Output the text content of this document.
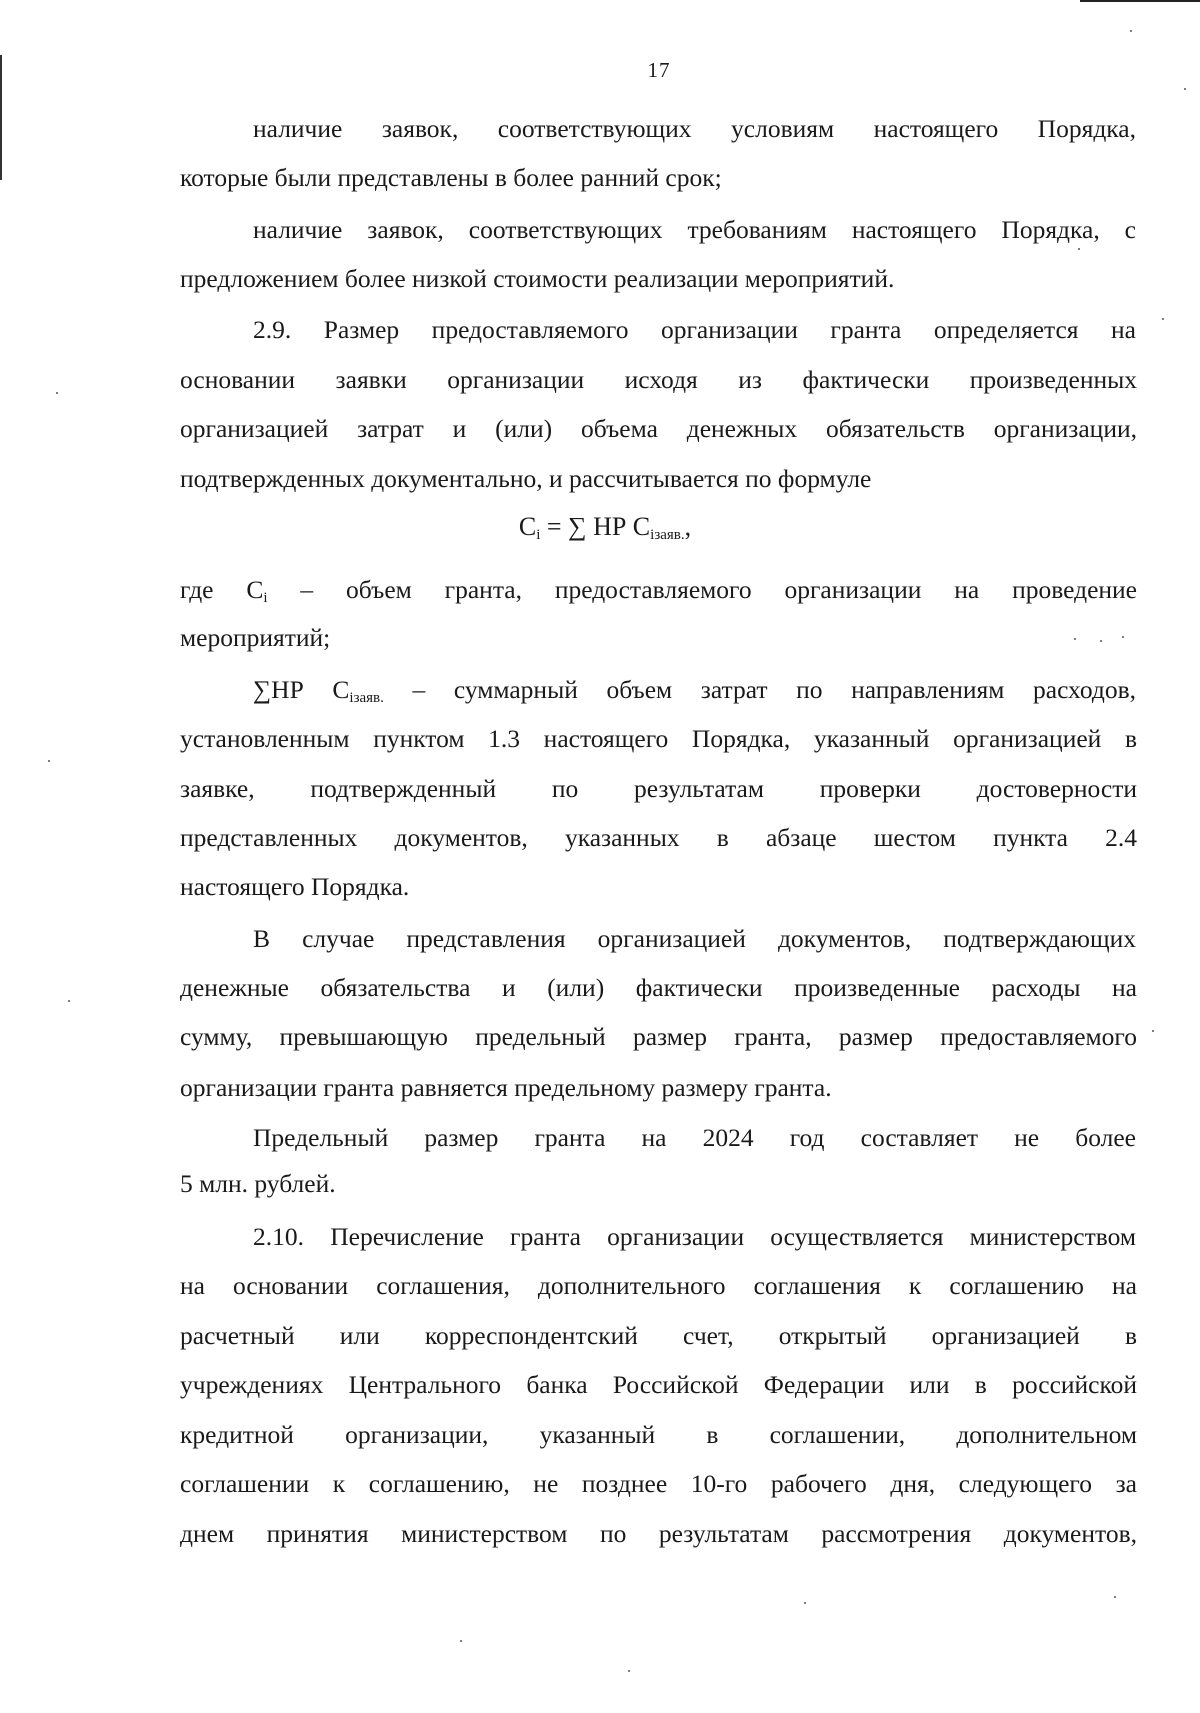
17
наличие заявок, соответствующих условиям настоящего Порядка,
которые были представлены в более ранний срок;
наличие заявок, соответствующих требованиям настоящего Порядка, с
предложением более низкой стоимости реализации мероприятий.
2.9. Размер предоставляемого организации гранта определяется на
основании заявки организации исходя из фактически произведенных
организацией затрат и (или) объема денежных обязательств организации,
подтвержденных документально, и рассчитывается по формуле
$C_i$ = ∑ НР $C_{iзаяв.}$,
где Ci – объем гранта, предоставляемого организации на проведение
мероприятий;
∑НР Ciзаяв. – суммарный объем затрат по направлениям расходов,
установленным пунктом 1.3 настоящего Порядка, указанный организацией в
заявке, подтвержденный по результатам проверки достоверности
представленных документов, указанных в абзаце шестом пункта 2.4
настоящего Порядка.
В случае представления организацией документов, подтверждающих
денежные обязательства и (или) фактически произведенные расходы на
сумму, превышающую предельный размер гранта, размер предоставляемого
организации гранта равняется предельному размеру гранта.
Предельный размер гранта на 2024 год составляет не более
5 млн. рублей.
2.10. Перечисление гранта организации осуществляется министерством
на основании соглашения, дополнительного соглашения к соглашению на
расчетный или корреспондентский счет, открытый организацией в
учреждениях Центрального банка Российской Федерации или в российской
кредитной организации, указанный в соглашении, дополнительном
соглашении к соглашению, не позднее 10-го рабочего дня, следующего за
днем принятия министерством по результатам рассмотрения документов,
